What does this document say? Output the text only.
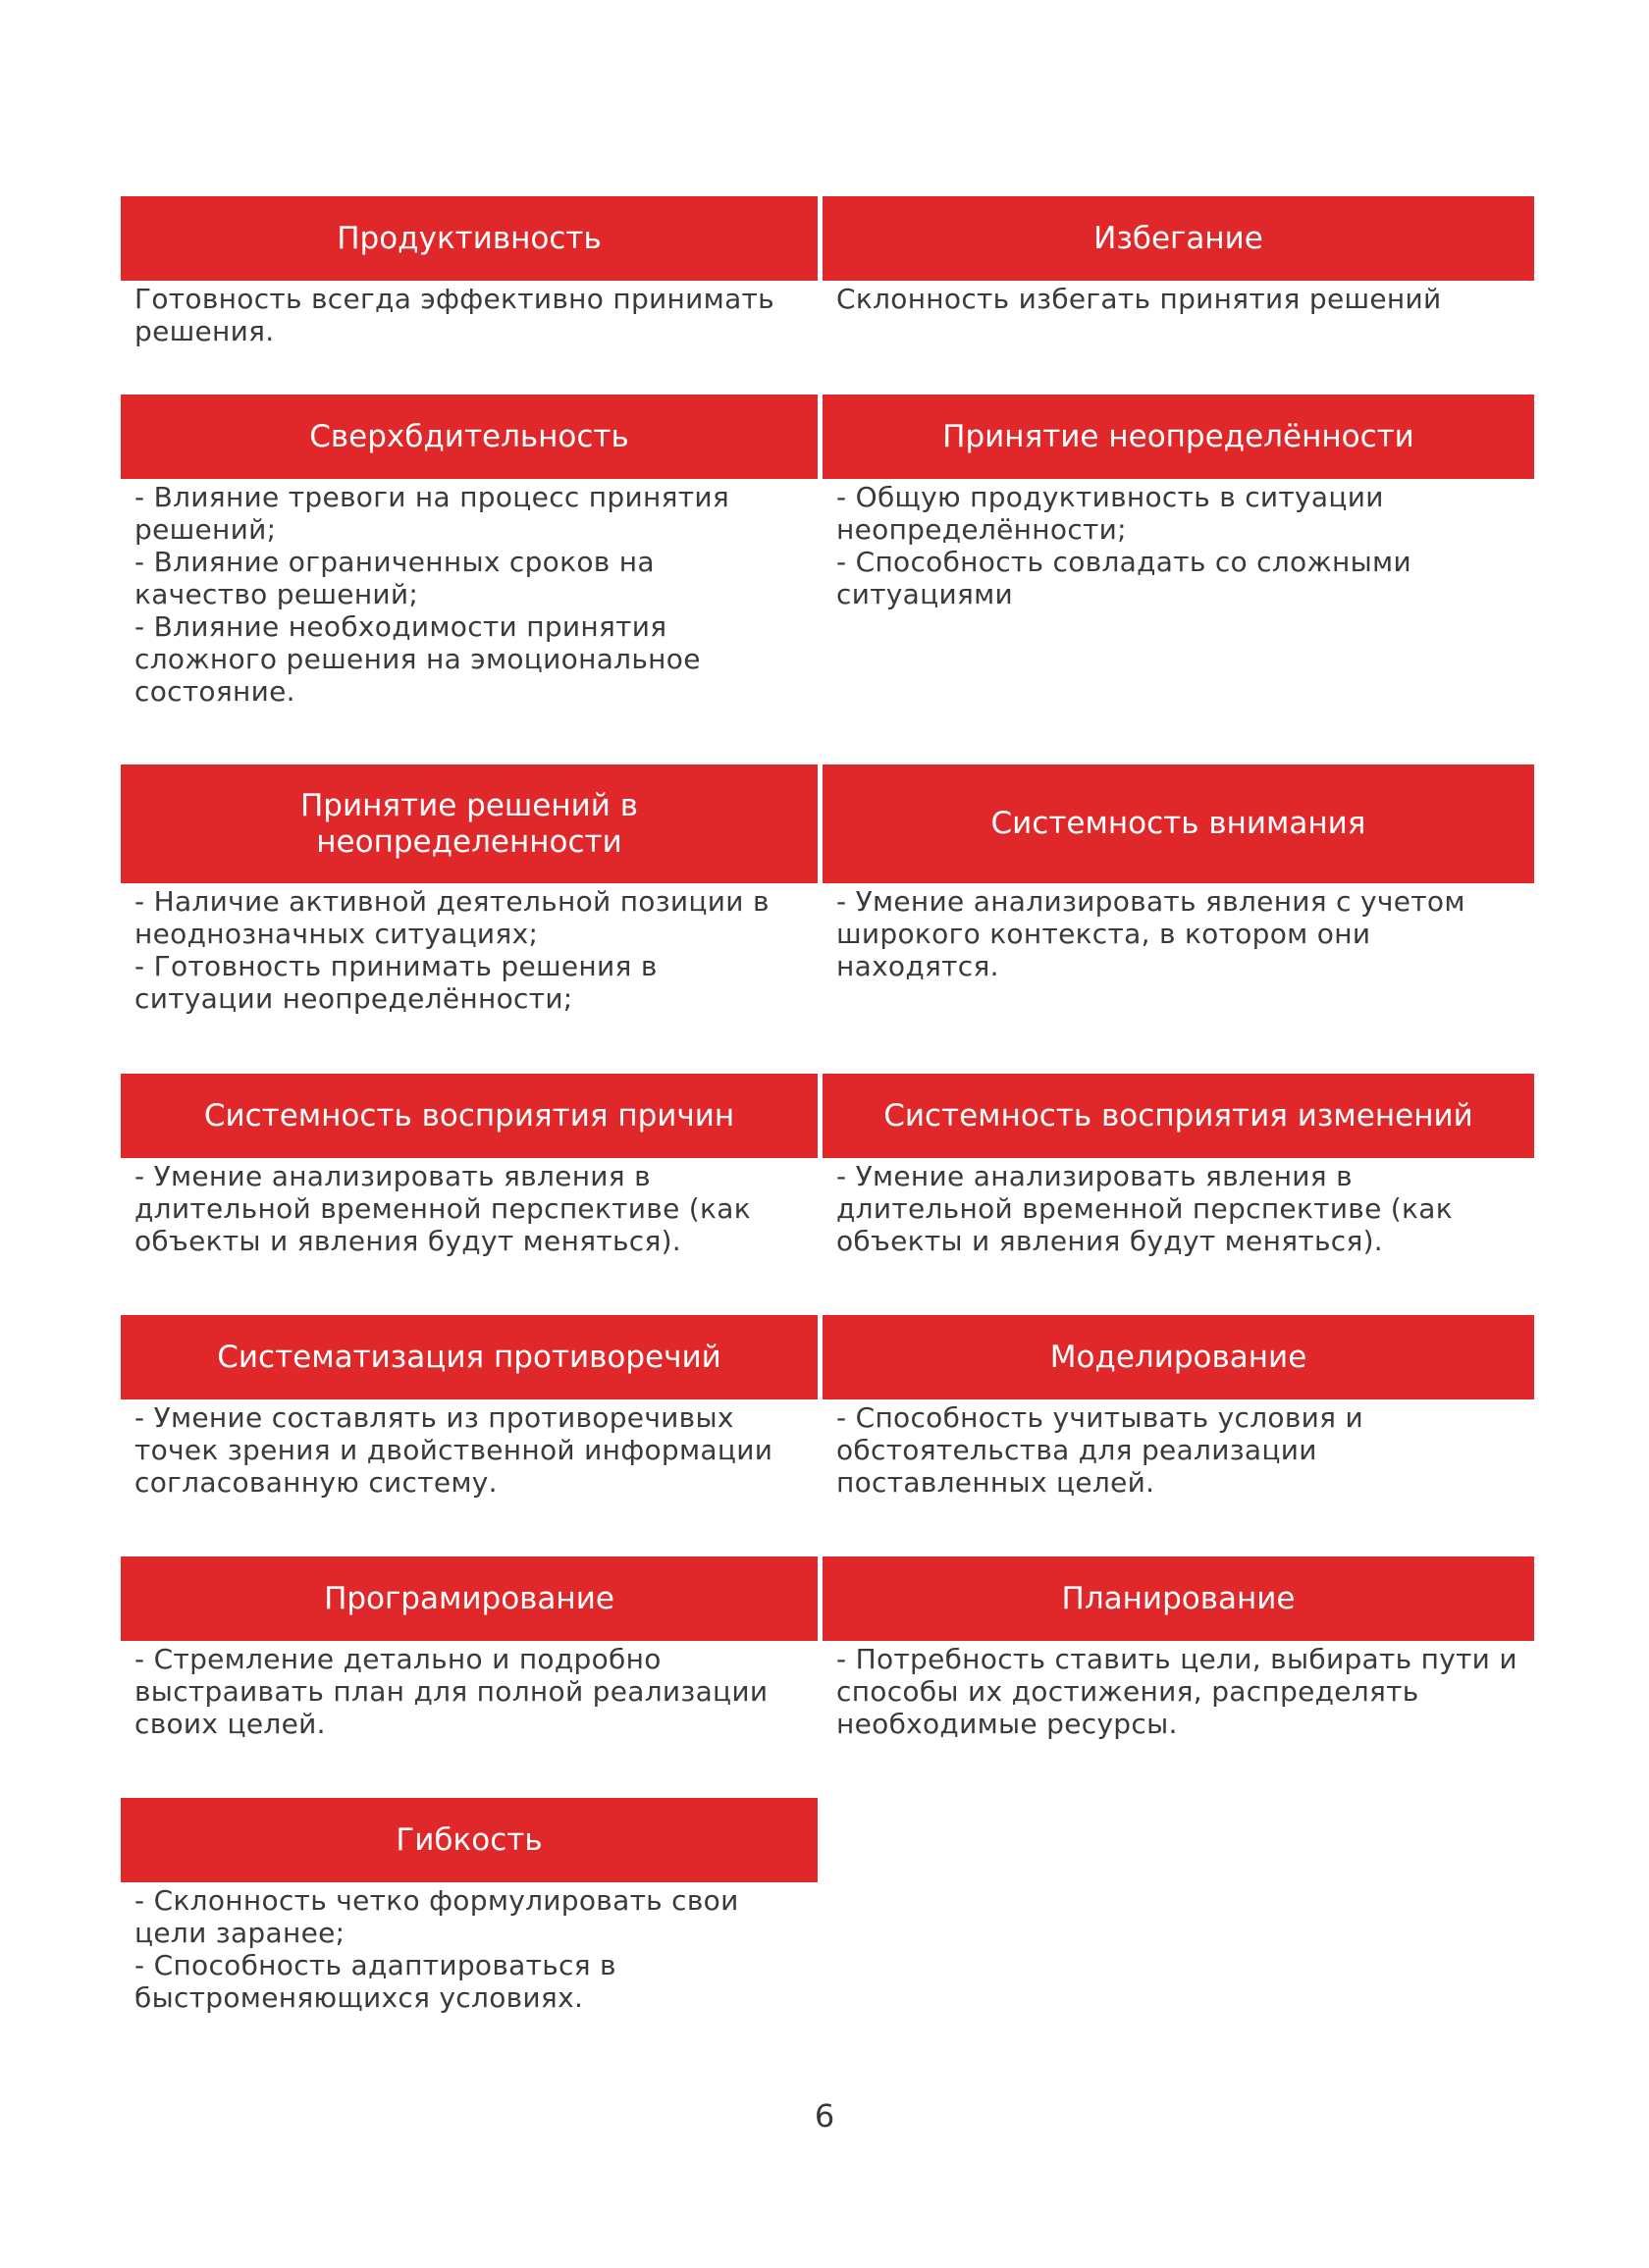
Продуктивность
Готовность всегда эффективно принимать
решения.
Избегание
Склонность избегать принятия решений
Сверхбдительность
- Влияние тревоги на процесс принятия
решений;
- Влияние ограниченных сроков на
качество решений;
- Влияние необходимости принятия
сложного решения на эмоциональное
состояние.
Принятие неопределённости
- Общую продуктивность в ситуации
неопределённости;
- Способность совладать со сложными
ситуациями
Принятие решений в неопределенности
- Наличие активной деятельной позиции в
неоднозначных ситуациях;
- Готовность принимать решения в
ситуации неопределённости;
Системность внимания
- Умение анализировать явления с учетом
широкого контекста, в котором они
находятся.
Системность восприятия причин
- Умение анализировать явления в
длительной временной перспективе (как
объекты и явления будут меняться).
Системность восприятия изменений
- Умение анализировать явления в
длительной временной перспективе (как
объекты и явления будут меняться).
Систематизация противоречий
- Умение составлять из противоречивых
точек зрения и двойственной информации
согласованную систему.
Моделирование
- Способность учитывать условия и
обстоятельства для реализации
поставленных целей.
Програмирование
- Стремление детально и подробно
выстраивать план для полной реализации
своих целей.
Планирование
- Потребность ставить цели, выбирать пути и
способы их достижения, распределять
необходимые ресурсы.
Гибкость
- Склонность четко формулировать свои
цели заранее;
- Способность адаптироваться в
быстроменяющихся условиях.
6
